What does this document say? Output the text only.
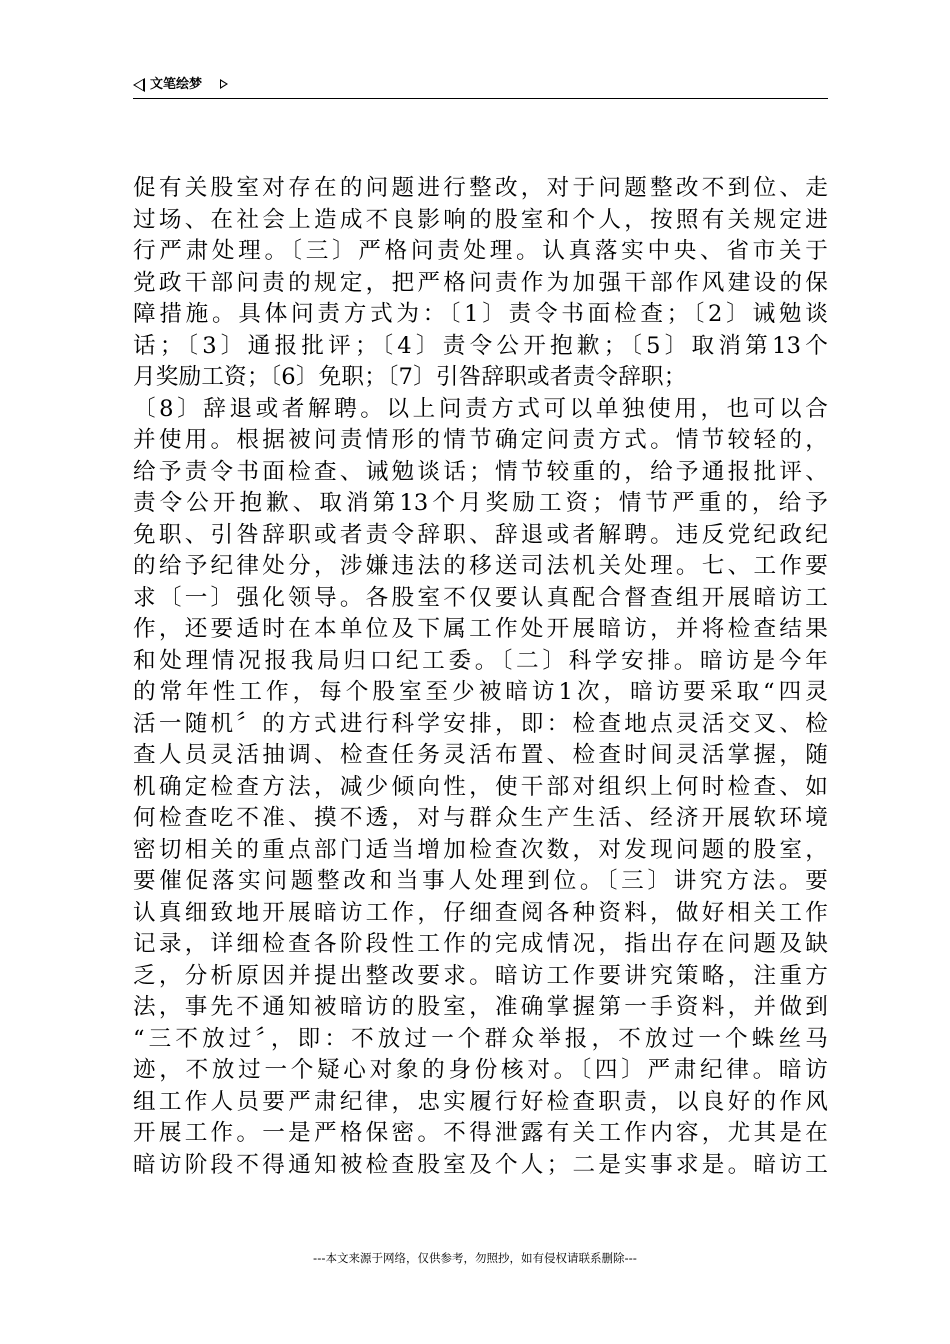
文笔绘梦
促有关股室对存在的问题进行整改，对于问题整改不到位、走
过场、在社会上造成不良影响的股室和个人，按照有关规定进
行严肃处理。〔三〕严格问责处理。认真落实中央、省市关于
党政干部问责的规定，把严格问责作为加强干部作风建设的保
障措施。具体问责方式为：〔1〕责令书面检查；〔2〕诫勉谈
话；〔3〕通报批评；〔4〕责令公开抱歉；〔5〕取消第13个
月奖励工资；〔6〕免职；〔7〕引咎辞职或者责令辞职；
〔8〕辞退或者解聘。以上问责方式可以单独使用，也可以合
并使用。根据被问责情形的情节确定问责方式。情节较轻的，
给予责令书面检查、诫勉谈话；情节较重的，给予通报批评、
责令公开抱歉、取消第13个月奖励工资；情节严重的，给予
免职、引咎辞职或者责令辞职、辞退或者解聘。违反党纪政纪
的给予纪律处分，涉嫌违法的移送司法机关处理。七、工作要
求〔一〕强化领导。各股室不仅要认真配合督查组开展暗访工
作，还要适时在本单位及下属工作处开展暗访，并将检查结果
和处理情况报我局归口纪工委。〔二〕科学安排。暗访是今年
的常年性工作，每个股室至少被暗访1次，暗访要采取“四灵
活一随机〞的方式进行科学安排，即：检查地点灵活交叉、检
查人员灵活抽调、检查任务灵活布置、检查时间灵活掌握，随
机确定检查方法，减少倾向性，使干部对组织上何时检查、如
何检查吃不准、摸不透，对与群众生产生活、经济开展软环境
密切相关的重点部门适当增加检查次数，对发现问题的股室，
要催促落实问题整改和当事人处理到位。〔三〕讲究方法。要
认真细致地开展暗访工作，仔细查阅各种资料，做好相关工作
记录，详细检查各阶段性工作的完成情况，指出存在问题及缺
乏，分析原因并提出整改要求。暗访工作要讲究策略，注重方
法，事先不通知被暗访的股室，准确掌握第一手资料，并做到
“三不放过〞，即：不放过一个群众举报，不放过一个蛛丝马
迹，不放过一个疑心对象的身份核对。〔四〕严肃纪律。暗访
组工作人员要严肃纪律，忠实履行好检查职责，以良好的作风
开展工作。一是严格保密。不得泄露有关工作内容，尤其是在
暗访阶段不得通知被检查股室及个人；二是实事求是。暗访工
---本文来源于网络，仅供参考，勿照抄，如有侵权请联系删除---
